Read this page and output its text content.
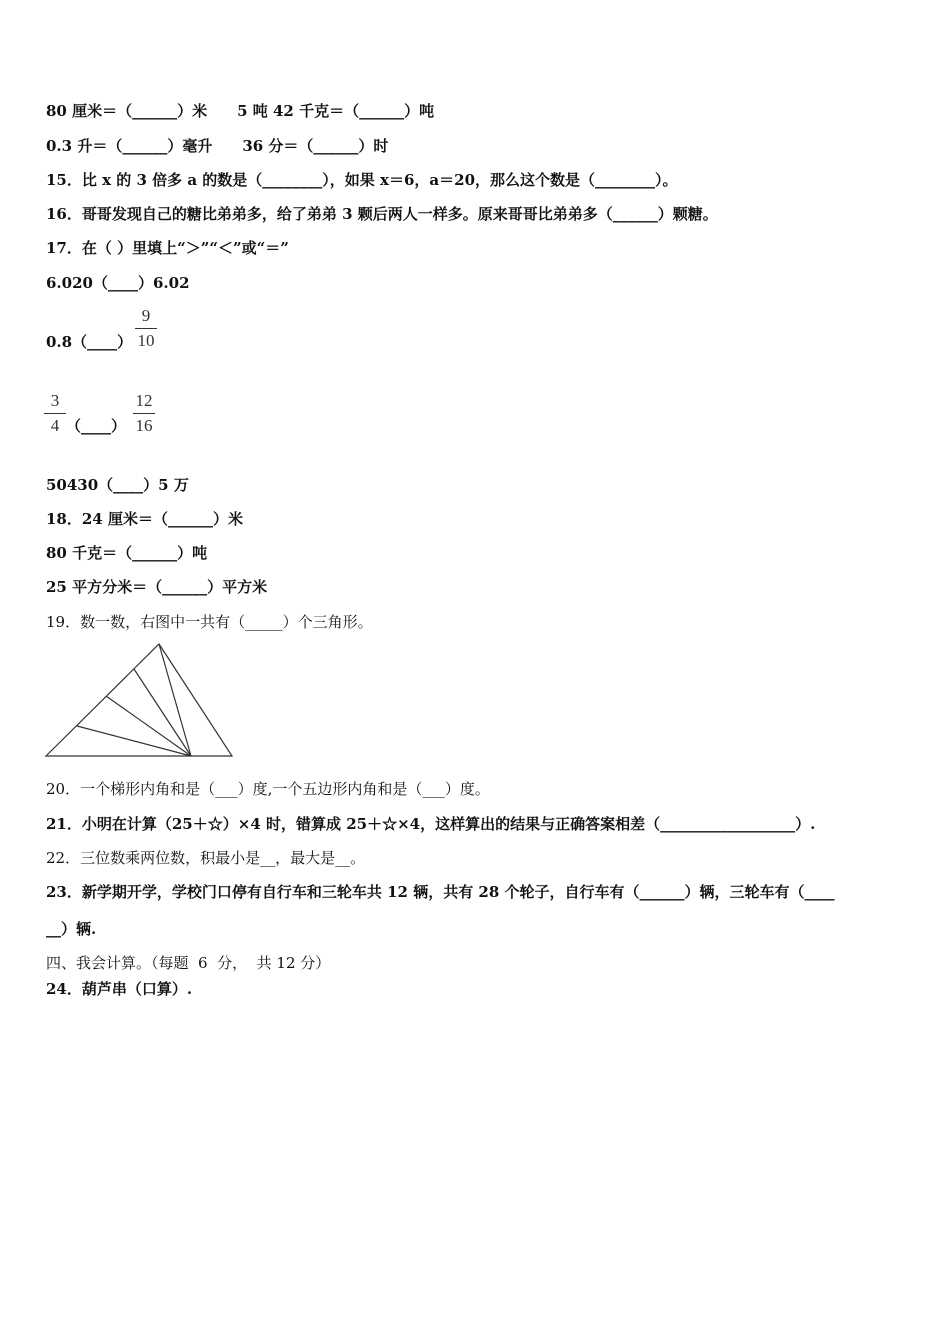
80 厘米＝（______）米　　5 吨 42 千克＝（______）吨
0.3 升＝（______）毫升　　36 分＝（______）时
15．比 x 的 3 倍多 a 的数是（________），如果 x＝6，a＝20，那么这个数是（________）。
16．哥哥发现自己的糖比弟弟多，给了弟弟 3 颗后两人一样多。原来哥哥比弟弟多（______）颗糖。
17．在（ ）里填上“＞”“＜”或“＝”
6.020（____）6.02
0.8（____）
9
10
3
4 （____）
12
16
50430（____）5 万
18．24 厘米＝（______）米
80 千克＝（______）吨
25 平方分米＝（______）平方米
19．数一数，右图中一共有（_____）个三角形。
20．一个梯形内角和是（___）度,一个五边形内角和是（___）度。
21．小明在计算（25＋☆）×4 时，错算成 25＋☆×4，这样算出的结果与正确答案相差（__________________）.
22．三位数乘两位数，积最小是__，最大是__。
23．新学期开学，学校门口停有自行车和三轮车共 12 辆，共有 28 个轮子，自行车有（______）辆，三轮车有（____
__）辆.
四、我会计算。（每题  6  分，  共 12 分）
24．葫芦串（口算）.
